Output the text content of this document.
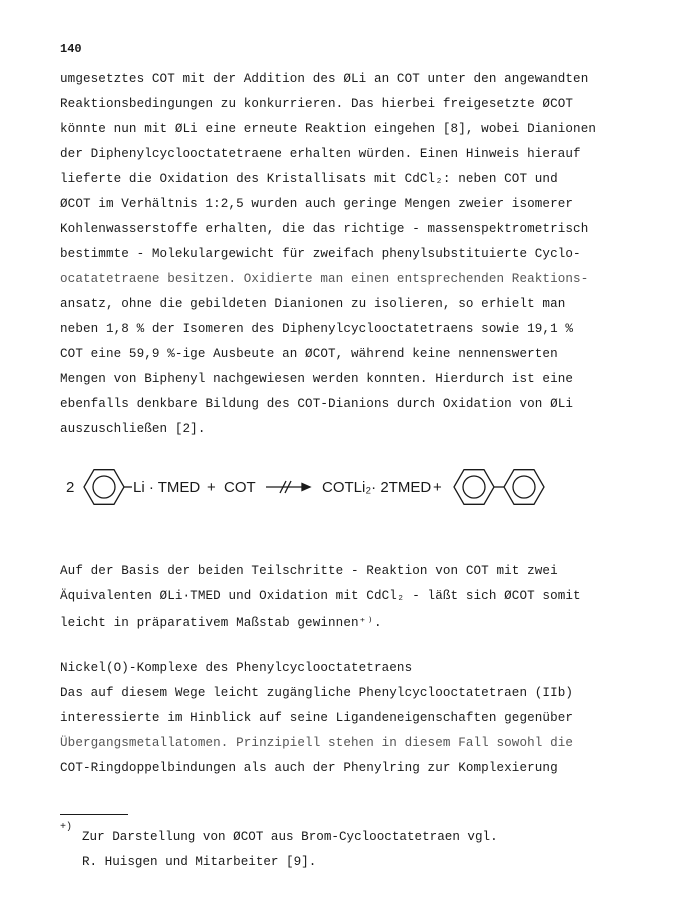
140
umgesetztes COT mit der Addition des ØLi an COT unter den angewandten
Reaktionsbedingungen zu konkurrieren. Das hierbei freigesetzte ØCOT
könnte nun mit ØLi eine erneute Reaktion eingehen [8], wobei Dianionen
der Diphenylcyclooctatetraene erhalten würden. Einen Hinweis hierauf
lieferte die Oxidation des Kristallisats mit CdCl₂: neben COT und
ØCOT im Verhältnis 1:2,5 wurden auch geringe Mengen zweier isomerer
Kohlenwasserstoffe erhalten, die das richtige - massenspektrometrisch
bestimmte - Molekulargewicht für zweifach phenylsubstituierte Cyclo-
ocatatetraene besitzen. Oxidierte man einen entsprechenden Reaktions-
ansatz, ohne die gebildeten Dianionen zu isolieren, so erhielt man
neben 1,8 % der Isomeren des Diphenylcyclooctatetraens sowie 19,1 %
COT eine 59,9 %-ige Ausbeute an ØCOT, während keine nennenswerten
Mengen von Biphenyl nachgewiesen werden konnten. Hierdurch ist eine
ebenfalls denkbare Bildung des COT-Dianions durch Oxidation von ØLi
auszuschließen [2].
2	Li · TMED + COT	COTLi₂· 2TMED +
Auf der Basis der beiden Teilschritte - Reaktion von COT mit zwei
Äquivalenten ØLi·TMED und Oxidation mit CdCl₂ - läßt sich ØCOT somit
leicht in präparativem Maßstab gewinnen⁺⁾.
Nickel(O)-Komplexe des Phenylcyclooctatetraens
Das auf diesem Wege leicht zugängliche Phenylcyclooctatetraen (IIb)
interessierte im Hinblick auf seine Ligandeneigenschaften gegenüber
Übergangsmetallatomen. Prinzipiell stehen in diesem Fall sowohl die
COT-Ringdoppelbindungen als auch der Phenylring zur Komplexierung
+)
Zur Darstellung von ØCOT aus Brom-Cyclooctatetraen vgl.
R. Huisgen und Mitarbeiter [9].
